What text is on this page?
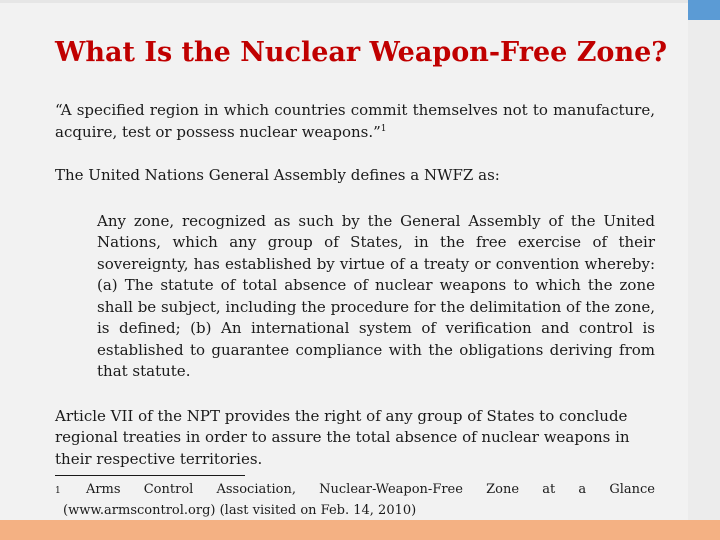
What Is the Nuclear Weapon-Free Zone?

“A specified region in which countries commit themselves not to manufacture, acquire, test or possess nuclear weapons.”$^1$

The United Nations General Assembly defines a NWFZ as:

Any zone, recognized as such by the General Assembly of the United Nations, which any group of States, in the free exercise of their sovereignty, has established by virtue of a treaty or convention whereby: (a) The statute of total absence of nuclear weapons to which the zone shall be subject, including the procedure for the delimitation of the zone, is defined; (b) An international system of verification and control is established to guarantee compliance with the obligations deriving from that statute.

Article VII of the NPT provides the right of any group of States to conclude regional treaties in order to assure the total absence of nuclear weapons in their respective territories.

1 Arms Control Association, Nuclear-Weapon-Free Zone at a Glance (www.armscontrol.org) (last visited on Feb. 14, 2010)
